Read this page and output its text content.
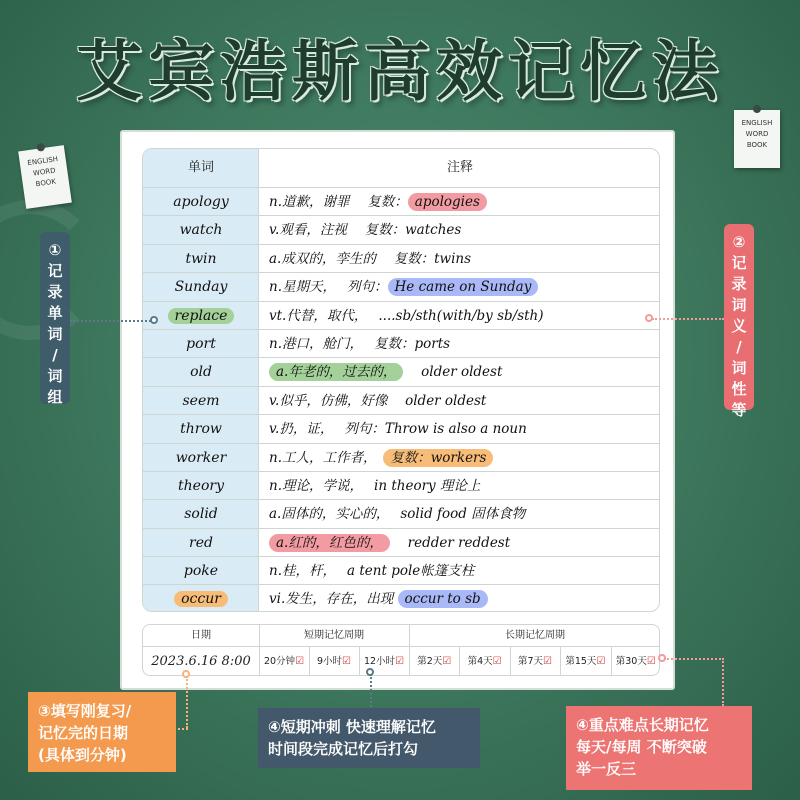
艾宾浩斯高效记忆法
ENGLISH
WORD
BOOK
ENGLISH
WORD
BOOK
单词	注释
apology	n.道歉，谢罪　 复数： apologies
watch	v.观看，注视　 复数：watches
twin	a.成双的，孪生的　 复数：twins
Sunday	n.星期天，　 列句： He came on Sunday
replace	vt.代替，取代，　 ....sb/sth(with/by sb/sth)
port	n.港口，舱门，　 复数：ports
old	a.年老的，过去的，　 older oldest
seem	v.似乎，仿佛，好像　 older oldest
throw	v.扔，证，　 列句：Throw is also a noun
worker	n.工人，工作者，　复数：workers
theory	n.理论，学说，　 in theory 理论上
solid	a.固体的，实心的，　 solid food 固体食物
red	a.红的，红色的，　 redder reddest
poke	n.桂，杆，　 a tent pole帐篷支柱
occur	vi.发生，存在，出现 occur to sb
日期	短期记忆周期	长期记忆周期
2023.6.16 8:00	20分钟☑	9小时☑	12小时☑	第2天☑	第4天☑	第7天☑	第15天☑	第30天☑
①
记
录
单
词
/
词
组
②
记
录
词
义
/
词
性
等
③填写刚复习/
记忆完的日期
(具体到分钟)
④短期冲刺 快速理解记忆
时间段完成记忆后打勾
④重点难点长期记忆
每天/每周 不断突破
举一反三
